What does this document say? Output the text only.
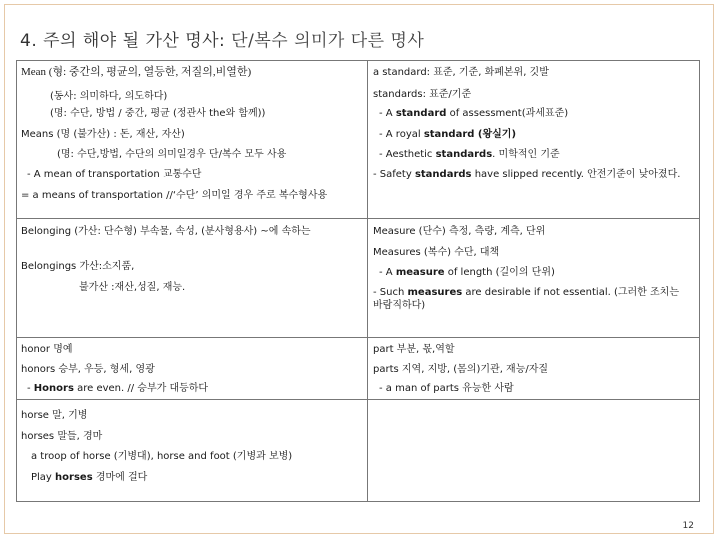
4. 주의 해야 될 가산 명사: 단/복수 의미가 다른 명사
Mean (형: 중간의, 평균의, 열등한, 저질의,비열한)
(동사: 의미하다, 의도하다)
(명: 수단, 방법 / 중간, 평균 (정관사 the와 함께))
Means (명 (불가산) : 돈, 재산, 자산)
(명: 수단,방법, 수단의 의미일경우 단/복수 모두 사용
- A mean of transportation 교통수단
= a means of transportation //‘수단’ 의미일 경우 주로 복수형사용
a standard: 표준, 기준, 화폐본위, 깃발
standards: 표준/기준
- A standard of assessment(과세표준)
- A royal standard (왕실기)
- Aesthetic standards. 미학적인 기준
- Safety standards have slipped recently. 안전기준이 낮아졌다.
Belonging (가산: 단수형) 부속물, 속성, (분사형용사) ~에 속하는
Belongings 가산:소지품,
불가산 :재산,성질, 재능.
Measure (단수) 측정, 측량, 계측, 단위
Measures (복수) 수단, 대책
- A measure of length (길이의 단위)
- Such measures are desirable if not essential. (그러한 조치는 바람직하다)
honor 명예
honors 승부, 우등, 형세, 영광
- Honors are even. // 승부가 대등하다
part 부분, 몫,역할
parts 지역, 지방, (몸의)기관, 재능/자질
- a man of parts 유능한 사람
horse 말, 기병
horses 말들, 경마
a troop of horse (기병대), horse and foot (기병과 보병)
Play horses 경마에 걸다
12
